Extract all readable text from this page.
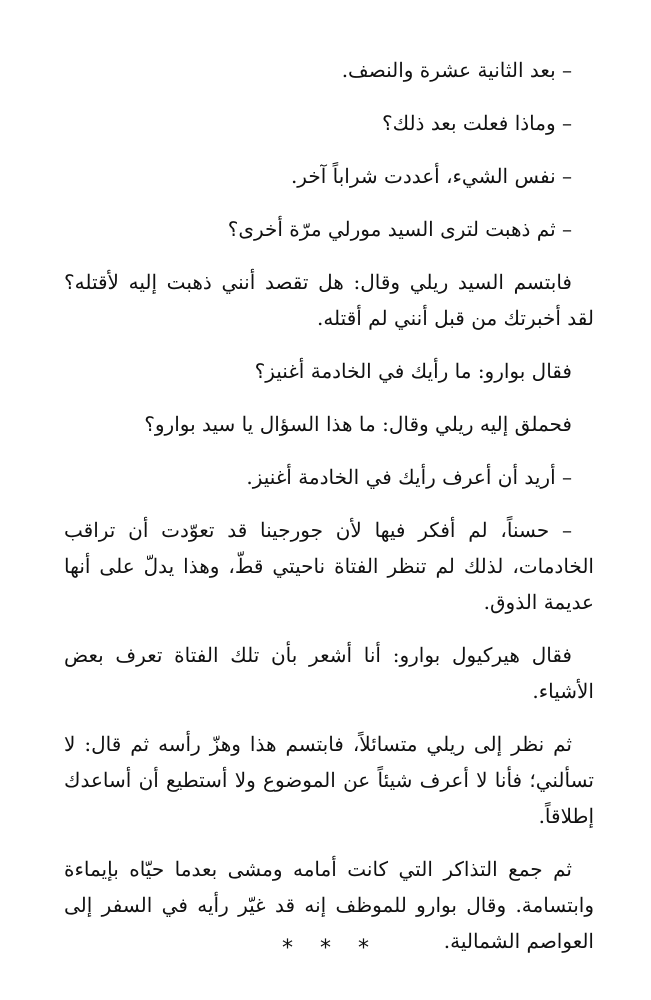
– بعد الثانية عشرة والنصف.

– وماذا فعلت بعد ذلك؟

– نفس الشيء، أعددت شراباً آخر.

– ثم ذهبت لترى السيد مورلي مرّة أخرى؟

فابتسم السيد ريلي وقال: هل تقصد أنني ذهبت إليه لأقتله؟ لقد أخبرتك من قبل أنني لم أقتله.

فقال بوارو: ما رأيك في الخادمة أغنيز؟

فحملق إليه ريلي وقال: ما هذا السؤال يا سيد بوارو؟

– أريد أن أعرف رأيك في الخادمة أغنيز.

– حسناً، لم أفكر فيها لأن جورجينا قد تعوّدت أن تراقب الخادمات، لذلك لم تنظر الفتاة ناحيتي قطّ، وهذا يدلّ على أنها عديمة الذوق.

فقال هيركيول بوارو: أنا أشعر بأن تلك الفتاة تعرف بعض الأشياء.

ثم نظر إلى ريلي متسائلاً، فابتسم هذا وهزّ رأسه ثم قال: لا تسألني؛ فأنا لا أعرف شيئاً عن الموضوع ولا أستطيع أن أساعدك إطلاقاً.

ثم جمع التذاكر التي كانت أمامه ومشى بعدما حيّاه بإيماءة وابتسامة. وقال بوارو للموظف إنه قد غيّر رأيه في السفر إلى العواصم الشمالية.

* * *
